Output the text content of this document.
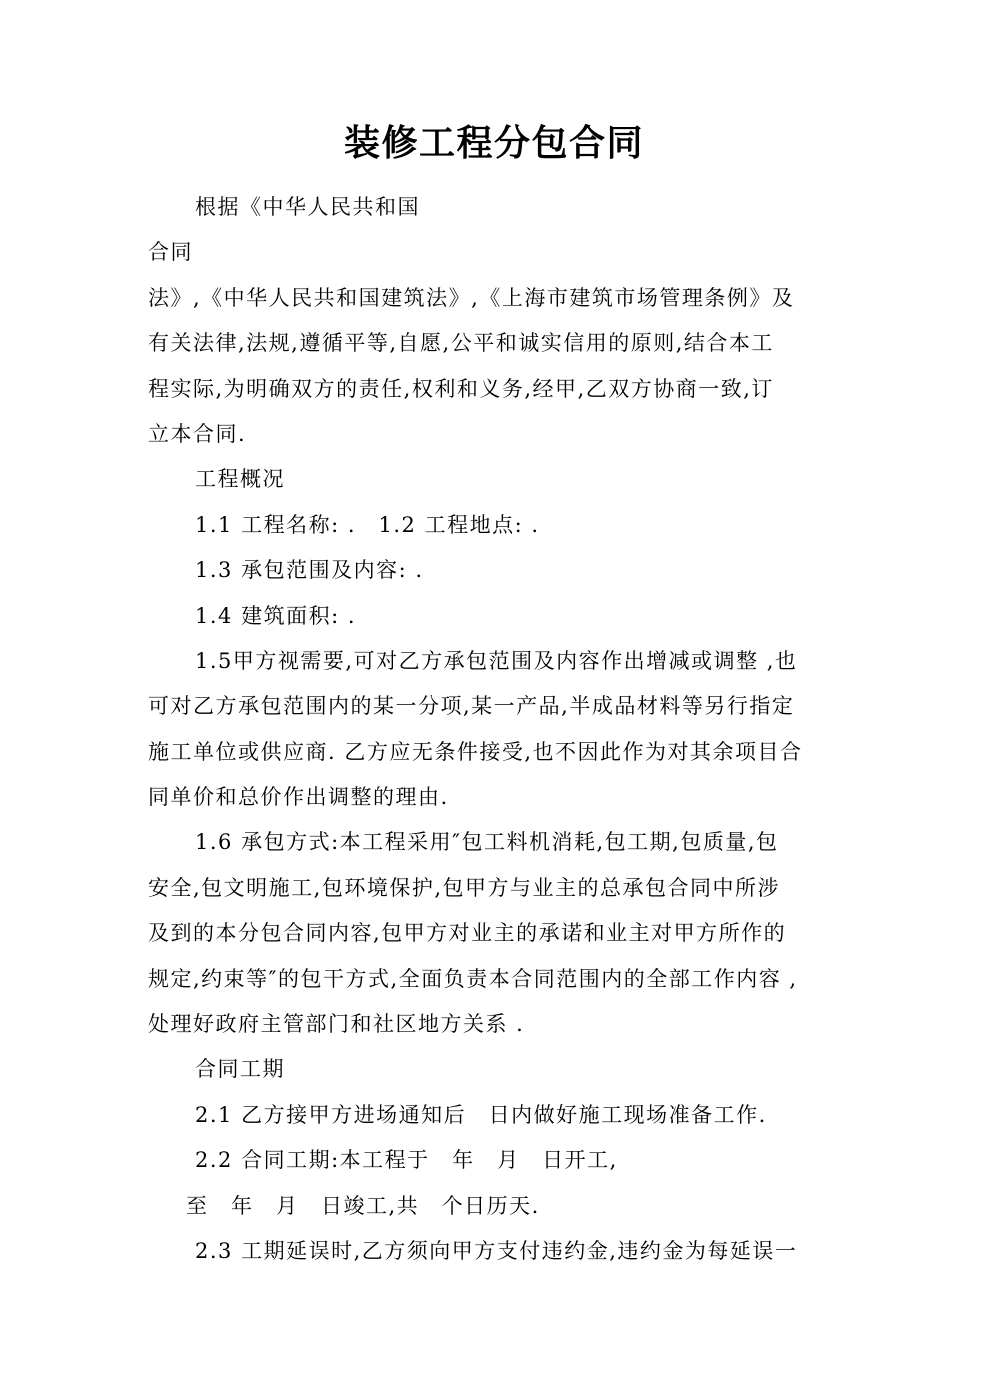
装修工程分包合同
根据《中华人民共和国
合同
法》,《中华人民共和国建筑法》,《上海市建筑市场管理条例》及
有关法律,法规,遵循平等,自愿,公平和诚实信用的原则,结合本工
程实际,为明确双方的责任,权利和义务,经甲,乙双方协商一致,订
立本合同.
工程概况
1.1 工程名称: .　1.2 工程地点: .
1.3 承包范围及内容: .
1.4 建筑面积: .
1.5甲方视需要,可对乙方承包范围及内容作出增减或调整 ,也
可对乙方承包范围内的某一分项,某一产品,半成品材料等另行指定
施工单位或供应商. 乙方应无条件接受,也不因此作为对其余项目合
同单价和总价作出调整的理由.
1.6 承包方式:本工程采用″包工料机消耗,包工期,包质量,包
安全,包文明施工,包环境保护,包甲方与业主的总承包合同中所涉
及到的本分包合同内容,包甲方对业主的承诺和业主对甲方所作的
规定,约束等″的包干方式,全面负责本合同范围内的全部工作内容 ,
处理好政府主管部门和社区地方关系 .
合同工期
2.1 乙方接甲方进场通知后　日内做好施工现场准备工作.
2.2 合同工期:本工程于　年　月　日开工,
至　年　月　日竣工,共　个日历天.
2.3 工期延误时,乙方须向甲方支付违约金,违约金为每延误一
